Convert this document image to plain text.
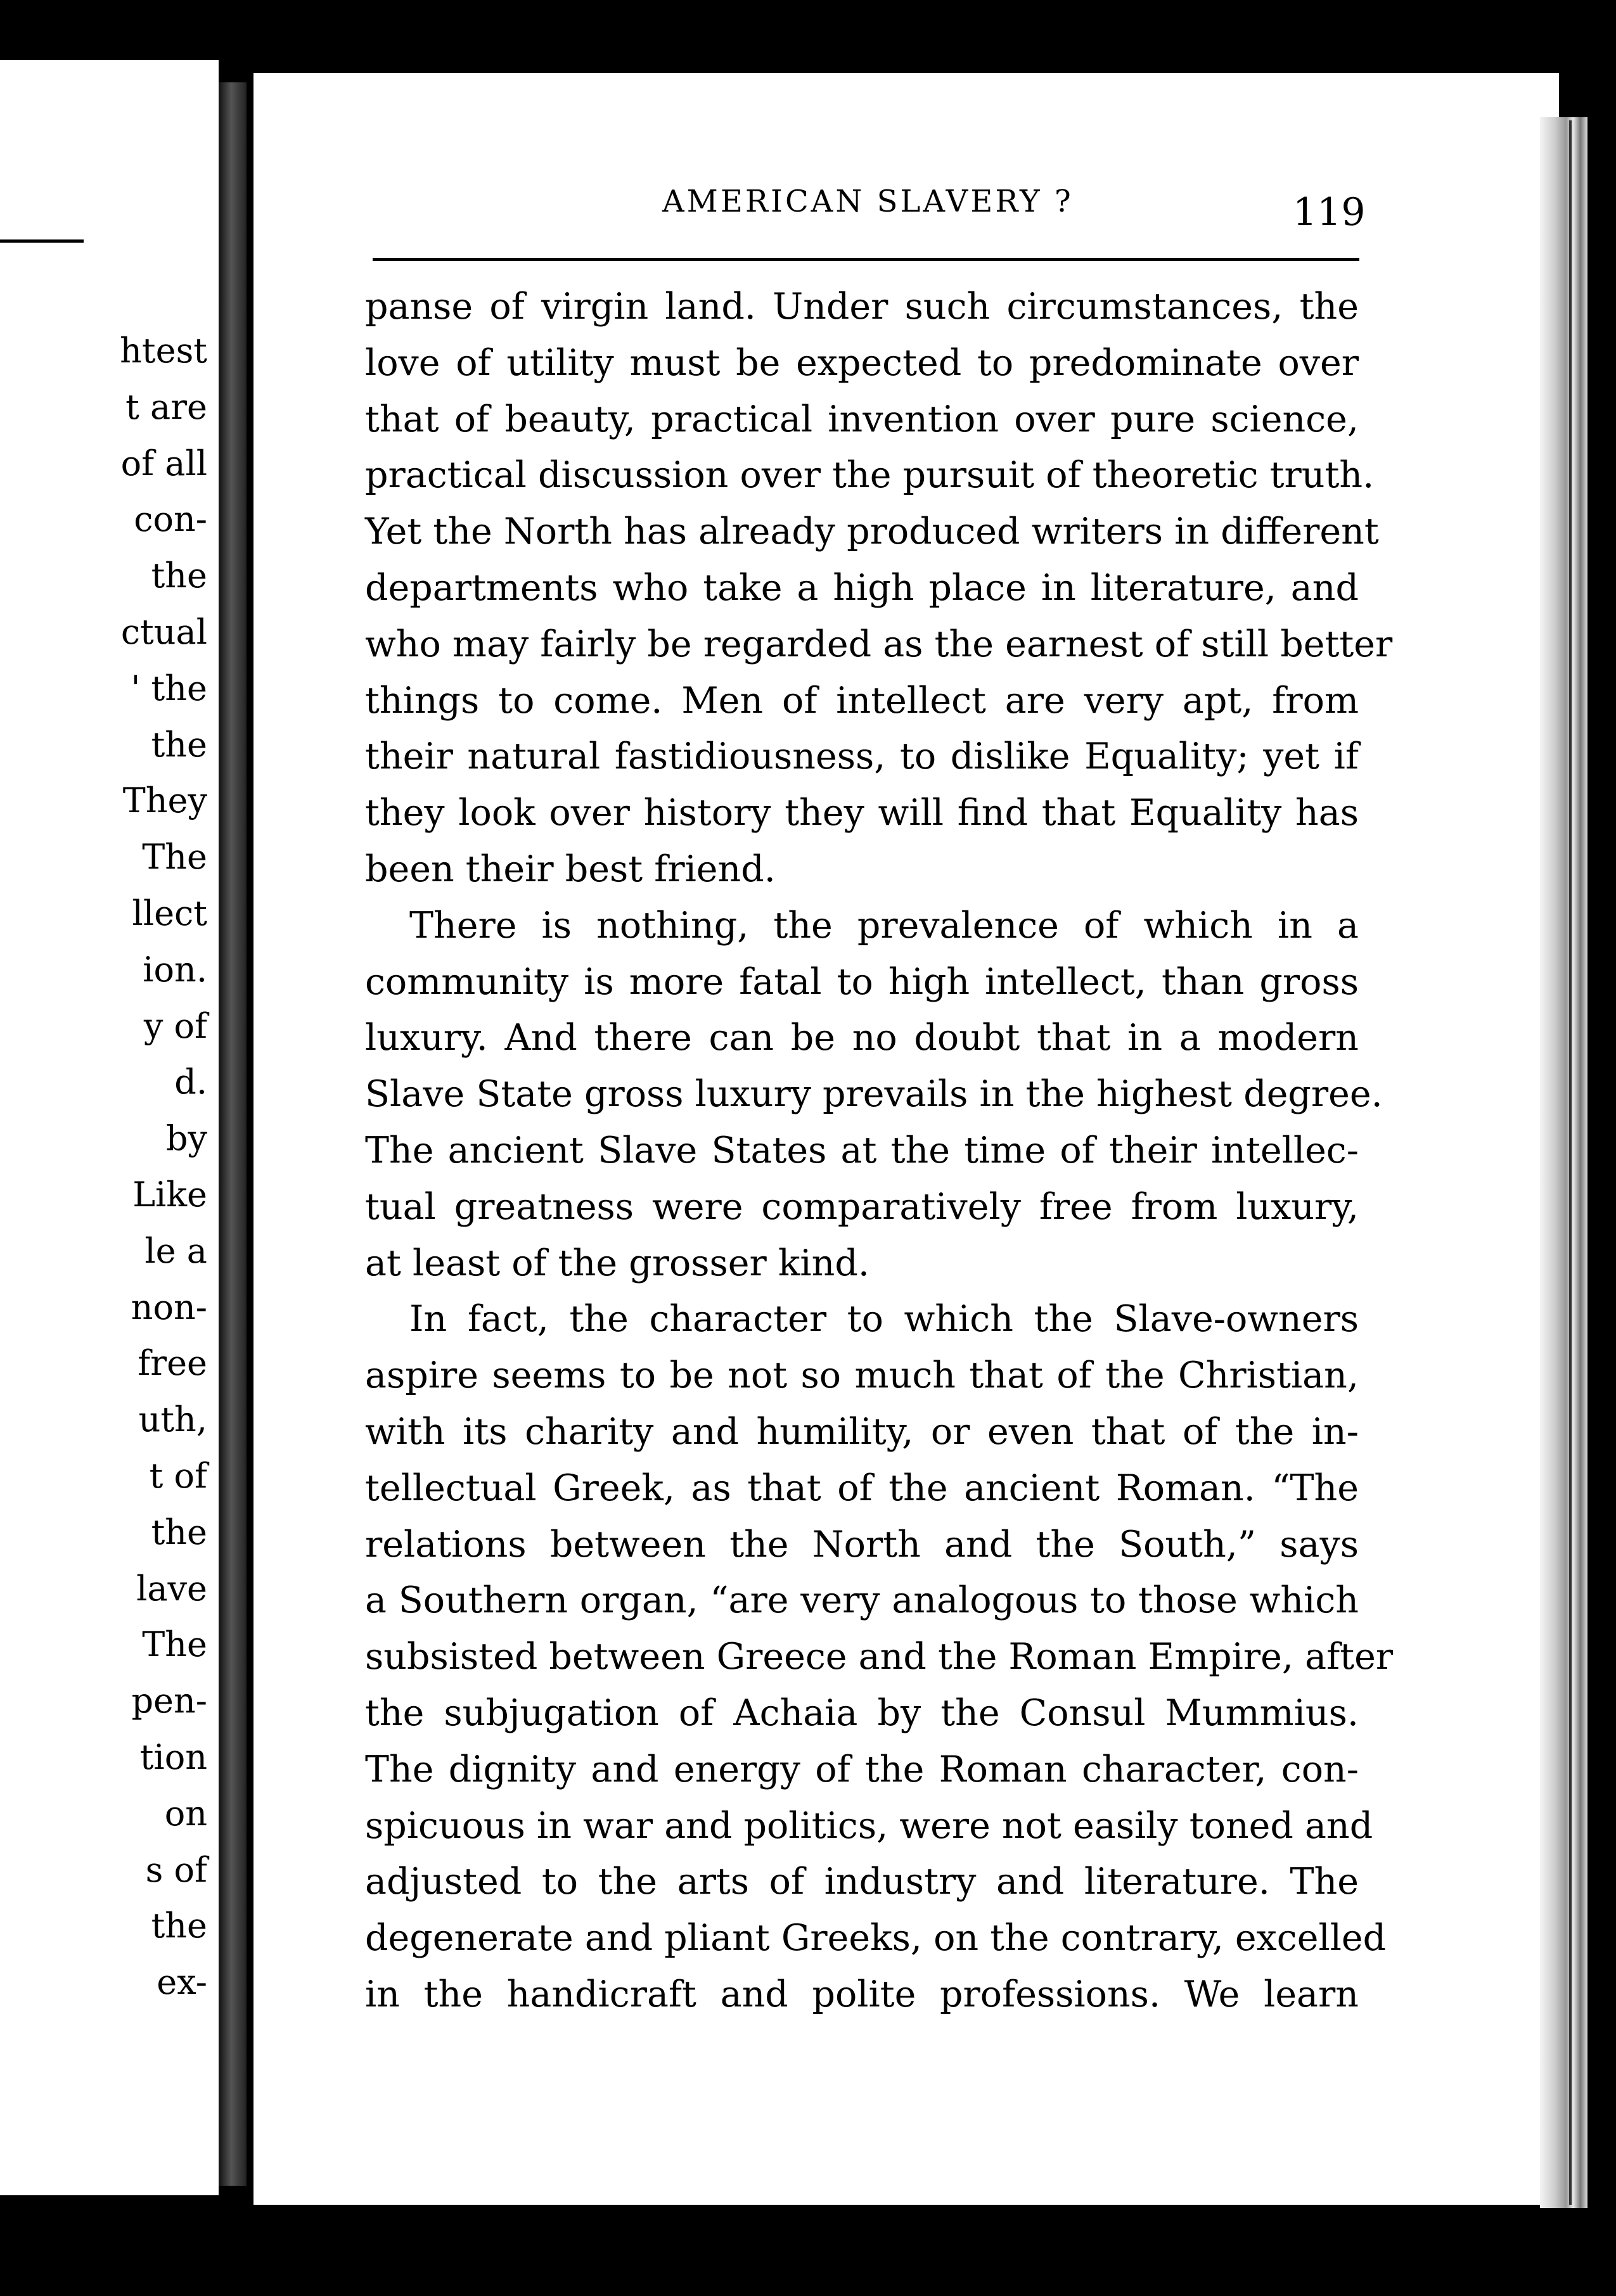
htest
t are
of all
con-
the
ctual
' the
the
They
The
llect
ion.
y of
d.
by
Like
le a
non-
free
uth,
t of
the
lave
The
pen-
tion
on
s of
the
ex-
AMERICAN SLAVERY ?	119
panse of virgin land. Under such circumstances, the
love of utility must be expected to predominate over
that of beauty, practical invention over pure science,
practical discussion over the pursuit of theoretic truth.
Yet the North has already produced writers in different
departments who take a high place in literature, and
who may fairly be regarded as the earnest of still better
things to come. Men of intellect are very apt, from
their natural fastidiousness, to dislike Equality; yet if
they look over history they will find that Equality has
been their best friend.
There is nothing, the prevalence of which in a
community is more fatal to high intellect, than gross
luxury. And there can be no doubt that in a modern
Slave State gross luxury prevails in the highest degree.
The ancient Slave States at the time of their intellec-
tual greatness were comparatively free from luxury,
at least of the grosser kind.
In fact, the character to which the Slave-owners
aspire seems to be not so much that of the Christian,
with its charity and humility, or even that of the in-
tellectual Greek, as that of the ancient Roman. “The
relations between the North and the South,” says
a Southern organ, “are very analogous to those which
subsisted between Greece and the Roman Empire, after
the subjugation of Achaia by the Consul Mummius.
The dignity and energy of the Roman character, con-
spicuous in war and politics, were not easily toned and
adjusted to the arts of industry and literature. The
degenerate and pliant Greeks, on the contrary, excelled
in the handicraft and polite professions. We learn
